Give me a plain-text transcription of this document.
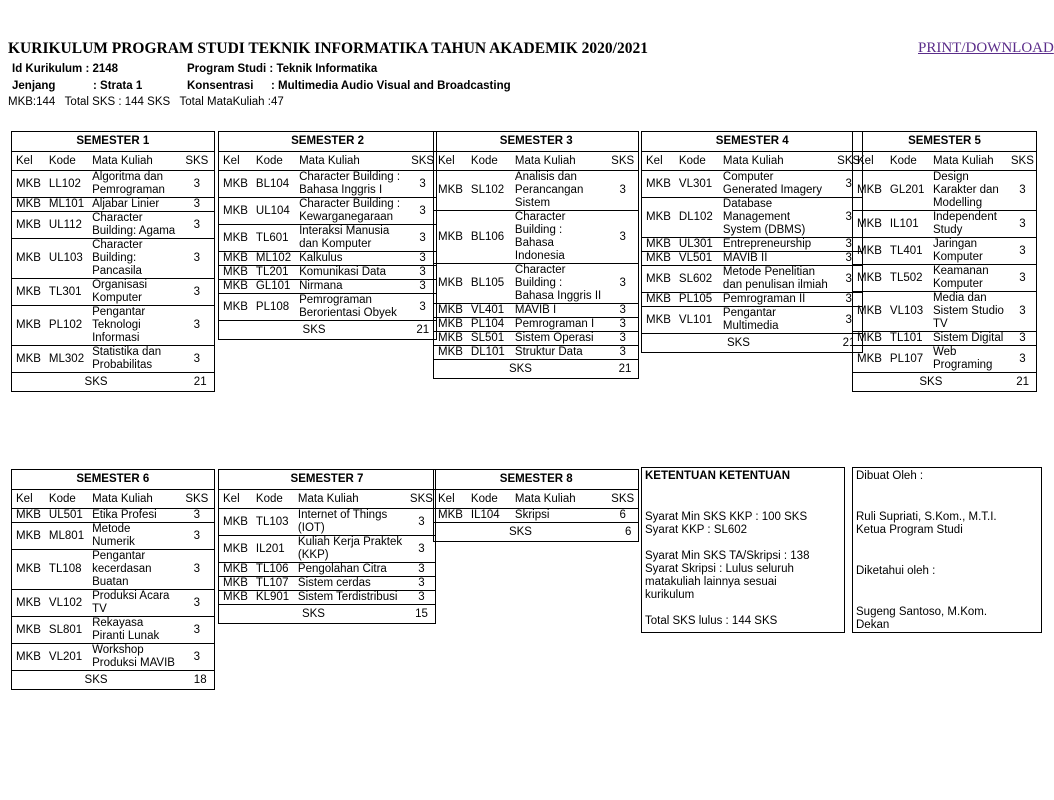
KURIKULUM PROGRAM STUDI TEKNIK INFORMATIKA TAHUN AKADEMIK 2020/2021	PRINT/DOWNLOAD
Id Kurikulum : 2148	Program Studi : Teknik Informatika
Jenjang	: Strata 1	Konsentrasi : Multimedia Audio Visual and Broadcasting
MKB:144   Total SKS : 144 SKS   Total MataKuliah :47
SEMESTER 1			
Kel	Kode	Mata Kuliah	SKS
MKB	LL102	Algoritma dan Pemrograman	3
MKB	ML101	Aljabar Linier	3
MKB	UL112	Character Building: Agama	3
MKB	UL103	Character Building: Pancasila	3
MKB	TL301	Organisasi Komputer	3
MKB	PL102	Pengantar Teknologi Informasi	3
MKB	ML302	Statistika dan Probabilitas	3
SKS			21
SEMESTER 2			
Kel	Kode	Mata Kuliah	SKS
MKB	BL104	Character Building : Bahasa Inggris I	3
MKB	UL104	Character Building : Kewarganegaraan	3
MKB	TL601	Interaksi Manusia dan Komputer	3
MKB	ML102	Kalkulus	3
MKB	TL201	Komunikasi Data	3
MKB	GL101	Nirmana	3
MKB	PL108	Pemrograman Berorientasi Obyek	3
SKS			21
SEMESTER 3			
Kel	Kode	Mata Kuliah	SKS
MKB	SL102	Analisis dan Perancangan Sistem	3
MKB	BL106	Character Building : Bahasa Indonesia	3
MKB	BL105	Character Building : Bahasa Inggris II	3
MKB	VL401	MAVIB I	3
MKB	PL104	Pemrograman I	3
MKB	SL501	Sistem Operasi	3
MKB	DL101	Struktur Data	3
SKS			21
SEMESTER 4			
Kel	Kode	Mata Kuliah	SKS
MKB	VL301	Computer Generated Imagery	3
MKB	DL102	Database Management System (DBMS)	3
MKB	UL301	Entrepreneurship	3
MKB	VL501	MAVIB II	3
MKB	SL602	Metode Penelitian dan penulisan ilmiah	3
MKB	PL105	Pemrograman II	3
MKB	VL101	Pengantar Multimedia	3
SKS			21
SEMESTER 5			
Kel	Kode	Mata Kuliah	SKS
MKB	GL201	Design Karakter dan Modelling	3
MKB	IL101	Independent Study	3
MKB	TL401	Jaringan Komputer	3
MKB	TL502	Keamanan Komputer	3
MKB	VL103	Media dan Sistem Studio TV	3
MKB	TL101	Sistem Digital	3
MKB	PL107	Web Programing	3
SKS			21
SEMESTER 6			
Kel	Kode	Mata Kuliah	SKS
MKB	UL501	Etika Profesi	3
MKB	ML801	Metode Numerik	3
MKB	TL108	Pengantar kecerdasan Buatan	3
MKB	VL102	Produksi Acara TV	3
MKB	SL801	Rekayasa Piranti Lunak	3
MKB	VL201	Workshop Produksi MAVIB	3
SKS			18
SEMESTER 7			
Kel	Kode	Mata Kuliah	SKS
MKB	TL103	Internet of Things (IOT)	3
MKB	IL201	Kuliah Kerja Praktek (KKP)	3
MKB	TL106	Pengolahan Citra	3
MKB	TL107	Sistem cerdas	3
MKB	KL901	Sistem Terdistribusi	3
SKS			15
SEMESTER 8			
Kel	Kode	Mata Kuliah	SKS
MKB	IL104	Skripsi	6
SKS			6

KETENTUAN KETENTUAN

Syarat Min SKS KKP : 100 SKS

Syarat KKP : SL602

Syarat Min SKS TA/Skripsi : 138

Syarat Skripsi : Lulus seluruh matakuliah lainnya sesuai kurikulum

Total SKS lulus : 144 SKS

Dibuat Oleh :

Ruli Supriati, S.Kom., M.T.I.

Ketua Program Studi

Diketahui oleh :

Sugeng Santoso, M.Kom.

Dekan
